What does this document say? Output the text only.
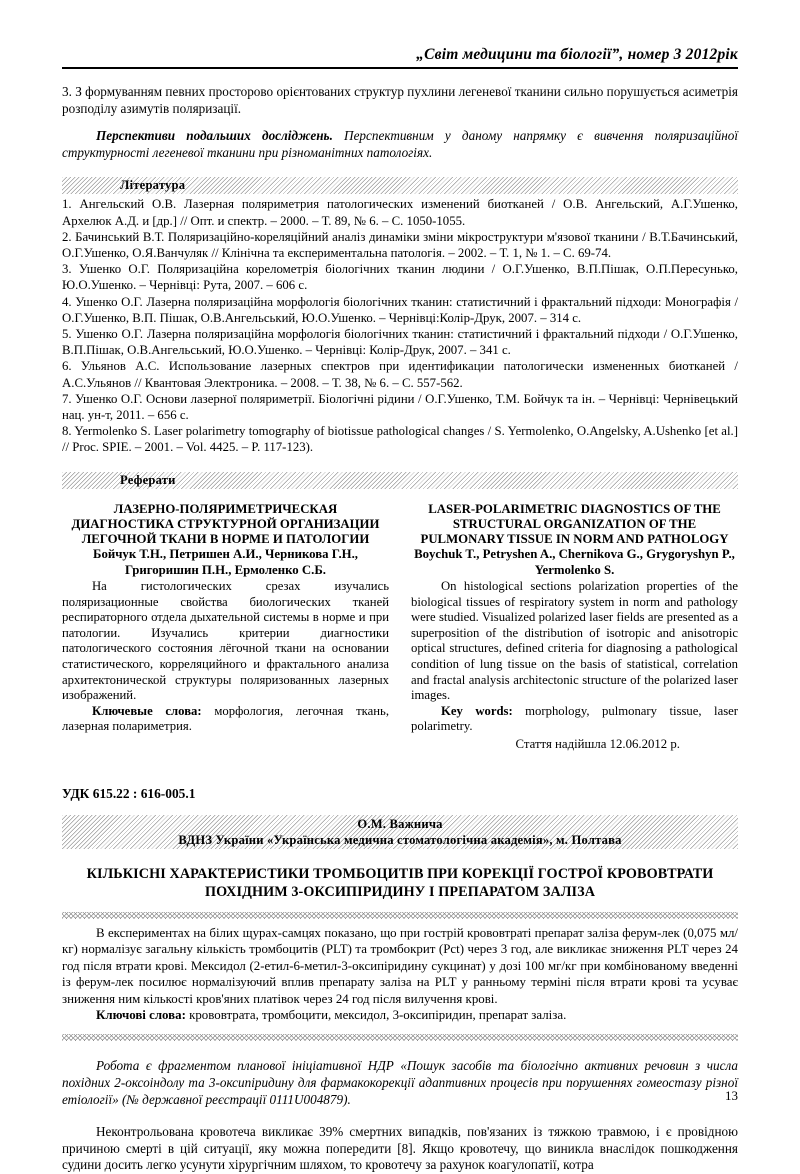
„Світ медицини та біології”, номер 3 2012рік

3. З формуванням певних просторово орієнтованих структур пухлини легеневої тканини сильно порушується асиметрія розподілу азимутів поляризації.

Перспективи подальших досліджень. Перспективним у даному напрямку є вивчення поляризаційної структурності легеневої тканини при різноманітних патологіях.

Література

1. Ангельский О.В. Лазерная поляриметрия патологических изменений биотканей / О.В. Ангельский, А.Г.Ушенко, Архелюк А.Д. и [др.] // Опт. и спектр. – 2000. – Т. 89, № 6. – С. 1050-1055.

2. Бачинський В.Т. Поляризаційно-кореляційний аналіз динаміки зміни мікроструктури м'язової тканини / В.Т.Бачинський, О.Г.Ушенко, О.Я.Ванчуляк // Клінічна та експериментальна патологія. – 2002. – Т. 1, № 1. – С. 69-74.

3. Ушенко О.Г. Поляризаційна корелометрія біологічних тканин людини / О.Г.Ушенко, В.П.Пішак, О.П.Пересунько, Ю.О.Ушенко. – Чернівці: Рута, 2007. – 606 с.

4. Ушенко О.Г. Лазерна поляризаційна морфологія біологічних тканин: статистичний і фрактальний підходи: Монографія / О.Г.Ушенко, В.П. Пішак, О.В.Ангельський, Ю.О.Ушенко. – Чернівці:Колір-Друк, 2007. – 314 с.

5. Ушенко О.Г. Лазерна поляризаційна морфологія біологічних тканин: статистичний і фрактальний підходи / О.Г.Ушенко, В.П.Пішак, О.В.Ангельський, Ю.О.Ушенко. – Чернівці: Колір-Друк, 2007. – 341 с.

6. Ульянов А.С. Использование лазерных спектров при идентификации патологически измененных биотканей / А.С.Ульянов // Квантовая Электроника. – 2008. – Т. 38, № 6. – С. 557-562.

7. Ушенко О.Г. Основи лазерної поляриметрії. Біологічні рідини / О.Г.Ушенко, Т.М. Бойчук та ін. – Чернівці: Чернівецький нац. ун-т, 2011. – 656 с.

8. Yermolenko S. Laser polarimetry tomography of biotissue pathological changes / S. Yermolenko, O.Angelsky, A.Ushenko [et al.] // Proc. SPIE. – 2001. – Vol. 4425. – P. 117-123).

Реферати
ЛАЗЕРНО-ПОЛЯРИМЕТРИЧЕСКАЯ ДИАГНОСТИКА СТРУКТУРНОЙ ОРГАНИЗАЦИИ ЛЕГОЧНОЙ ТКАНИ В НОРМЕ И ПАТОЛОГИИ
Бойчук Т.Н., Петришен А.И., Черникова Г.Н., Григоришин П.Н., Ермоленко С.Б.

На гистологических срезах изучались поляризационные свойства биологических тканей респираторного отдела дыхательной системы в норме и при патологии. Изучались критерии диагностики патологического состояния лёгочной ткани на основании статистического, корреляцийного и фрактального анализа архитектонической структуры поляризованных лазерных изображений.

Ключевые слова: морфология, легочная ткань, лазерная полариметрия.

LASER-POLARIMETRIC DIAGNOSTICS OF THE STRUCTURAL ORGANIZATION OF THE PULMONARY TISSUE IN NORM AND PATHOLOGY
Boychuk T., Petryshen A., Chernikova G., Grygoryshyn P., Yermolenko S.

On histological sections polarization properties of the biological tissues of respiratory system in norm and pathology were studied. Visualized polarized laser fields are presented as a superposition of the distribution of isotropic and anisotropic optical structures, defined criteria for diagnosing a pathological condition of lung tissue on the basis of statistical, correlation and fractal analysis architectonic structure of the polarized laser images.

Key words: morphology, pulmonary tissue, laser polarimetry.

Стаття надійшла 12.06.2012 р.
УДК 615.22 : 616-005.1
О.М. Важнича
ВДНЗ України «Українська медична стоматологічна академія», м. Полтава
КІЛЬКІСНІ ХАРАКТЕРИСТИКИ ТРОМБОЦИТІВ ПРИ КОРЕКЦІЇ ГОСТРОЇ КРОВОВТРАТИ ПОХІДНИМ 3-ОКСИПІРИДИНУ І ПРЕПАРАТОМ ЗАЛІЗА

В експериментах на білих щурах-самцях показано, що при гострій крововтраті препарат заліза ферум-лек (0,075 мл/кг) нормалізує загальну кількість тромбоцитів (PLT) та тромбокрит (Pct) через 3 год, але викликає зниження PLT через 24 год після втрати крові. Мексидол (2-етил-6-метил-3-оксипіридину сукцинат) у дозі 100 мг/кг при комбінованому введенні із ферум-лек посилює нормалізуючий вплив препарату заліза на PLT у ранньому терміні після втрати крові та усуває зниження ним кількості кров'яних платівок через 24 год після вилучення крові.

Ключові слова: крововтрата, тромбоцити, мексидол, 3-оксипіридин, препарат заліза.

Робота є фрагментом планової ініціативної НДР «Пошук засобів та біологічно активних речовин з числа похідних 2-оксоіндолу та 3-оксипіридину для фармакокорекції адаптивних процесів при порушеннях гомеостазу різної етіології» (№ державної реєстрації 0111U004879).

Неконтрольована кровотеча викликає 39% смертних випадків, пов'язаних із тяжкою травмою, і є провідною причиною смерті в цій ситуації, яку можна попередити [8]. Якщо кровотечу, що виникла внаслідок пошкодження судини досить легко усунути хірургічним шляхом, то кровотечу за рахунок коагулопатії, котра

13
